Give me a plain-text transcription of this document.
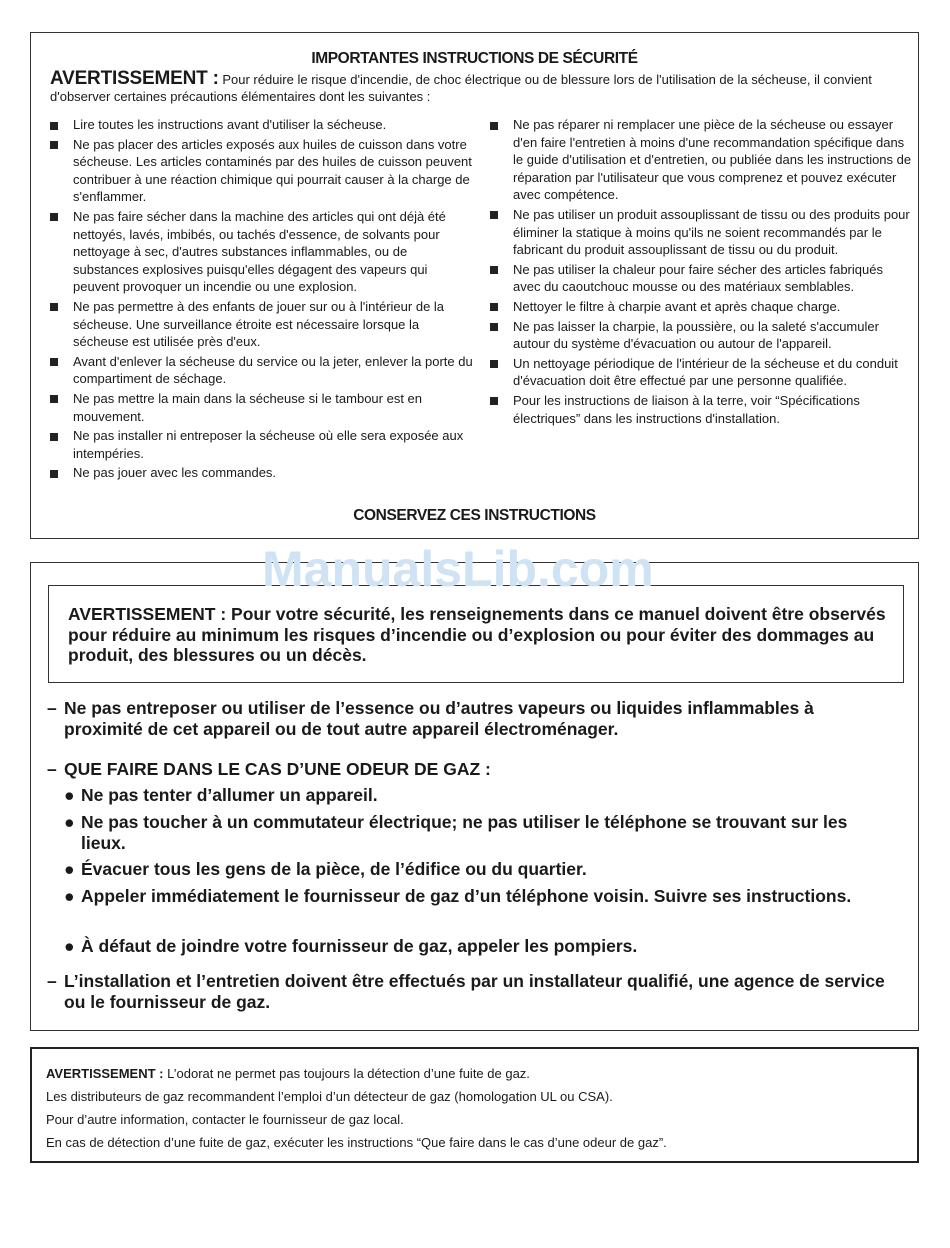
IMPORTANTES INSTRUCTIONS DE SÉCURITÉ
AVERTISSEMENT : Pour réduire le risque d'incendie, de choc électrique ou de blessure lors de l'utilisation de la sécheuse, il convient d'observer certaines précautions élémentaires dont les suivantes :
Lire toutes les instructions avant d'utiliser la sécheuse.
Ne pas placer des articles exposés aux huiles de cuisson dans votre sécheuse. Les articles contaminés par des huiles de cuisson peuvent contribuer à une réaction chimique qui pourrait causer à la charge de s'enflammer.
Ne pas faire sécher dans la machine des articles qui ont déjà été nettoyés, lavés, imbibés, ou tachés d'essence, de solvants pour nettoyage à sec, d'autres substances inflammables, ou de substances explosives puisqu'elles dégagent des vapeurs qui peuvent provoquer un incendie ou une explosion.
Ne pas permettre à des enfants de jouer sur ou à l'intérieur de la sécheuse. Une surveillance étroite est nécessaire lorsque la sécheuse est utilisée près d'eux.
Avant d'enlever la sécheuse du service ou la jeter, enlever la porte du compartiment de séchage.
Ne pas mettre la main dans la sécheuse si le tambour est en mouvement.
Ne pas installer ni entreposer la sécheuse où elle sera exposée aux intempéries.
Ne pas jouer avec les commandes.
Ne pas réparer ni remplacer une pièce de la sécheuse ou essayer d'en faire l'entretien à moins d'une recommandation spécifique dans le guide d'utilisation et d'entretien, ou publiée dans les instructions de réparation par l'utilisateur que vous comprenez et pouvez exécuter avec compétence.
Ne pas utiliser un produit assouplissant de tissu ou des produits pour éliminer la statique à moins qu'ils ne soient recommandés par le fabricant du produit assouplissant de tissu ou du produit.
Ne pas utiliser la chaleur pour faire sécher des articles fabriqués avec du caoutchouc mousse ou des matériaux semblables.
Nettoyer le filtre à charpie avant et après chaque charge.
Ne pas laisser la charpie, la poussière, ou la saleté s'accumuler autour du système d'évacuation ou autour de l'appareil.
Un nettoyage périodique de l'intérieur de la sécheuse et du conduit d'évacuation doit être effectué par une personne qualifiée.
Pour les instructions de liaison à la terre, voir “Spécifications électriques” dans les instructions d'installation.
CONSERVEZ CES INSTRUCTIONS
ManualsLib.com
AVERTISSEMENT : Pour votre sécurité, les renseignements dans ce manuel doivent être observés pour réduire au minimum les risques d’incendie ou d’explosion ou pour éviter des dommages au produit, des blessures ou un décès.
– Ne pas entreposer ou utiliser de l’essence ou d’autres vapeurs ou liquides inflammables à proximité de cet appareil ou de tout autre appareil électroménager.
– QUE FAIRE DANS LE CAS D’UNE ODEUR DE GAZ :
● Ne pas tenter d’allumer un appareil.
● Ne pas toucher à un commutateur électrique; ne pas utiliser le téléphone se trouvant sur les lieux.
● Évacuer tous les gens de la pièce, de l’édifice ou du quartier.
● Appeler immédiatement le fournisseur de gaz d’un téléphone voisin. Suivre ses instructions.
● À défaut de joindre votre fournisseur de gaz, appeler les pompiers.
– L’installation et l’entretien doivent être effectués par un installateur qualifié, une agence de service ou le fournisseur de gaz.
AVERTISSEMENT : L’odorat ne permet pas toujours la détection d’une fuite de gaz.
Les distributeurs de gaz recommandent l’emploi d’un détecteur de gaz (homologation UL ou CSA).
Pour d’autre information, contacter le fournisseur de gaz local.
En cas de détection d’une fuite de gaz, exécuter les instructions “Que faire dans le cas d’une odeur de gaz”.
